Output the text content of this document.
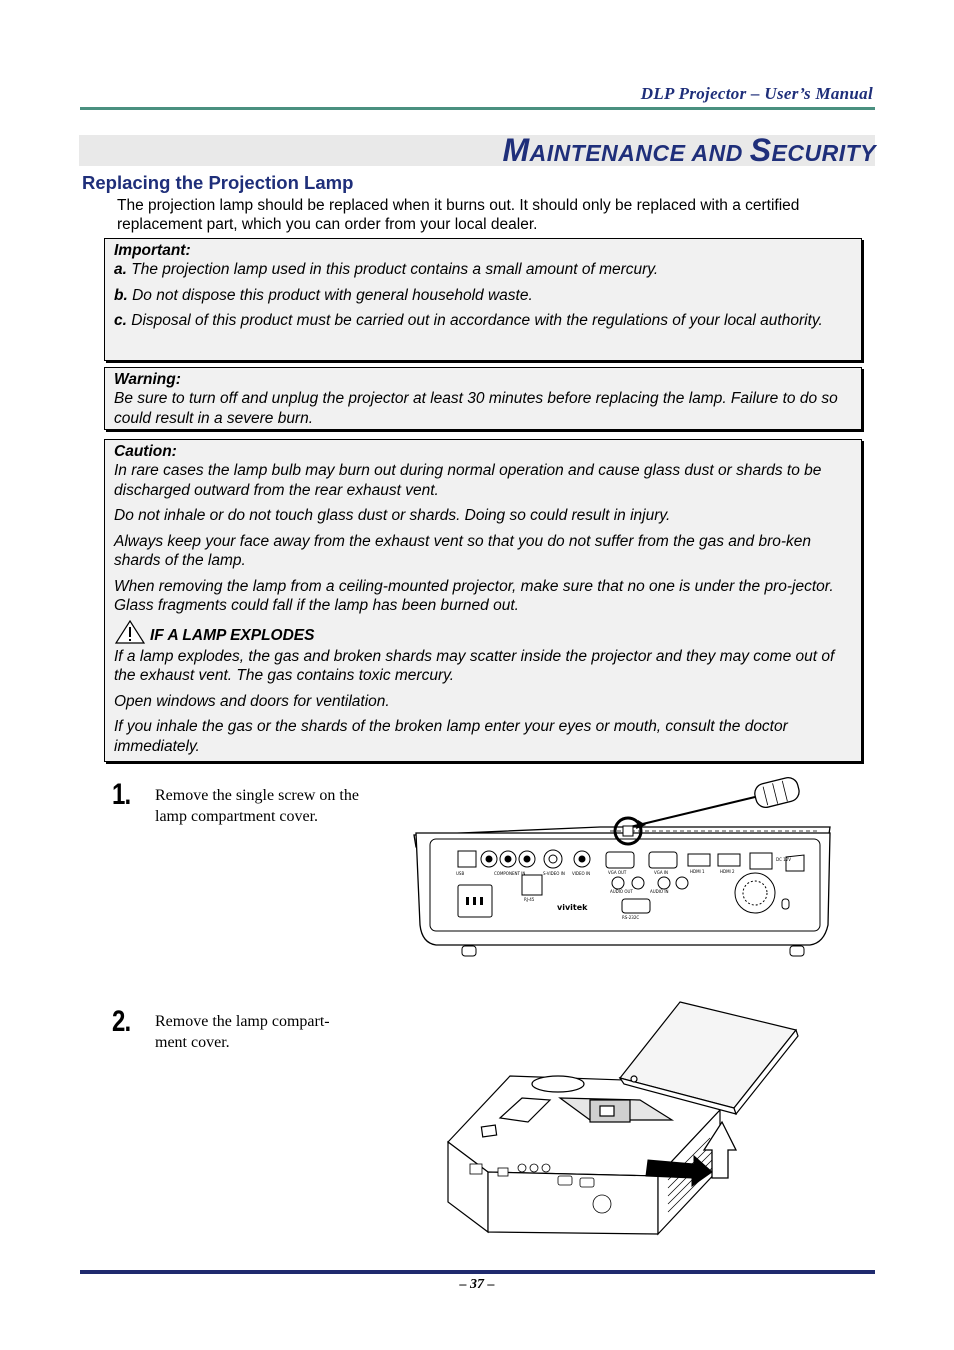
DLP Projector – User’s Manual
MAINTENANCE AND SECURITY
Replacing the Projection Lamp
The projection lamp should be replaced when it burns out. It should only be replaced with a certified replacement part, which you can order from your local dealer.
Important:

a. The projection lamp used in this product contains a small amount of mercury.

b. Do not dispose this product with general household waste.

c. Disposal of this product must be carried out in accordance with the regulations of your local authority.

Warning:

Be sure to turn off and unplug the projector at least 30 minutes before replacing the lamp. Failure to do so could result in a severe burn.

Caution:

In rare cases the lamp bulb may burn out during normal operation and cause glass dust or shards to be discharged outward from the rear exhaust vent.

Do not inhale or do not touch glass dust or shards. Doing so could result in injury.

Always keep your face away from the exhaust vent so that you do not suffer from the gas and bro-ken shards of the lamp.

When removing the lamp from a ceiling-mounted projector, make sure that no one is under the pro-jector. Glass fragments could fall if the lamp has been burned out.

IF A LAMP EXPLODES

If a lamp explodes, the gas and broken shards may scatter inside the projector and they may come out of the exhaust vent. The gas contains toxic mercury.

Open windows and doors for ventilation.

If you inhale the gas or the shards of the broken lamp enter your eyes or mouth, consult the doctor immediately.

1. Remove the single screw on the lamp compartment cover.
USB	COMPONENT IN	S-VIDEO IN VIDEO IN	VGA OUT	VGA IN	HDMI 1	HDMI 2
RJ-45
AUDIO OUT	AUDIO IN
RS-232C
DC 12V
vivitek
2. Remove the lamp compart-ment cover.
– 37 –
